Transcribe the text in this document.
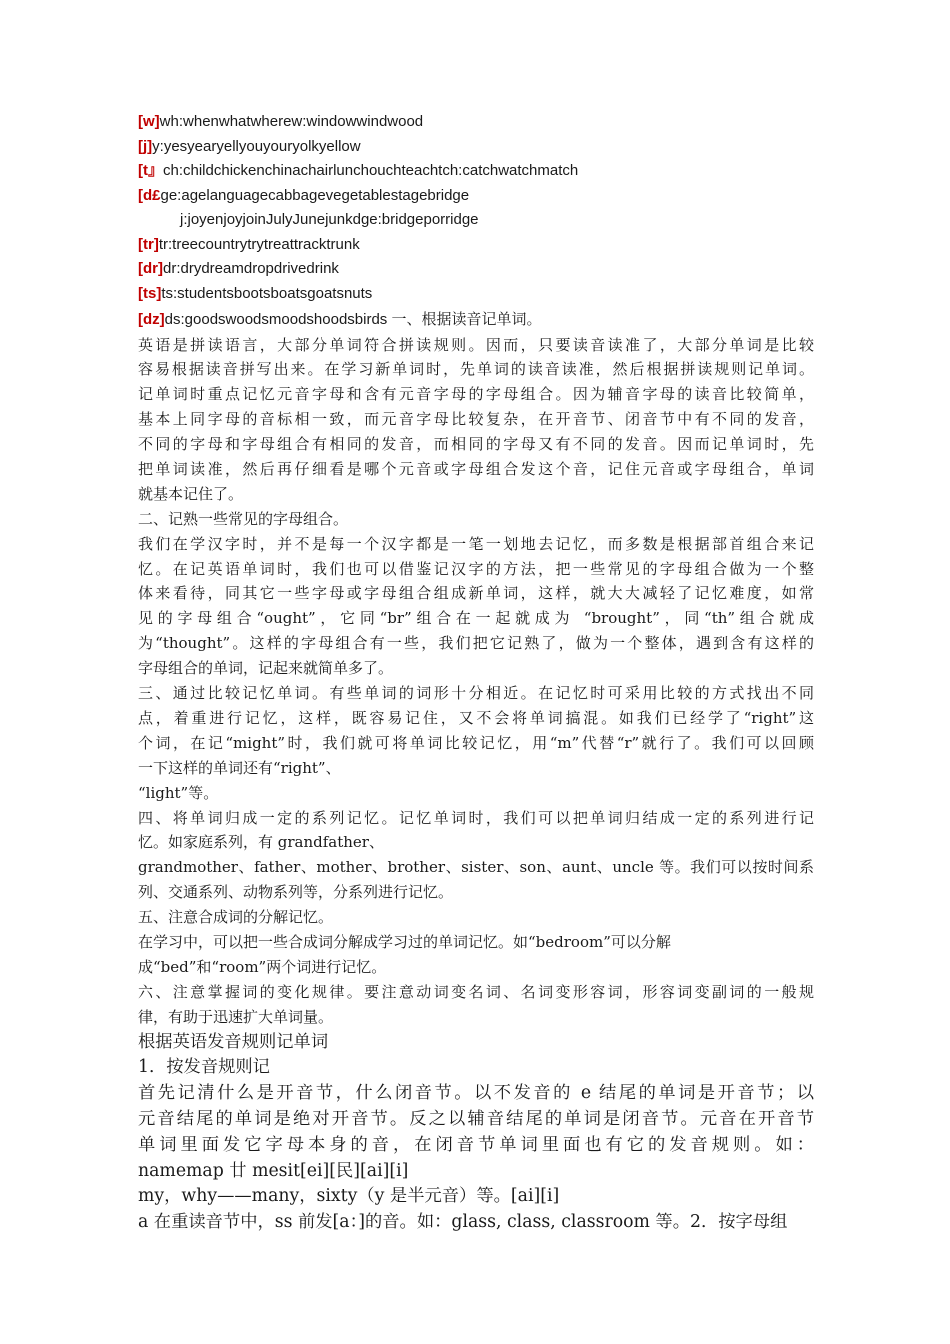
[w]wh:whenwhatwherew:windowwindwood
[j]y:yesyearyellyouyouryolkyellow
[t』ch:childchickenchinachairlunchouchteachtch:catchwatchmatch
[d£ge:agelanguagecabbagevegetablestagebridge
j:joyenjoyjoinJulyJunejunkdge:bridgeporridge
[tr]tr:treecountrytrytreattracktrunk
[dr]dr:drydreamdropdrivedrink
[ts]ts:studentsbootsboatsgoatsnuts
[dz]ds:goodswoodsmoodshoodsbirds 一、根据读音记单词。
英语是拼读语言，大部分单词符合拼读规则。因而，只要读音读准了，大部分单词是比较
容易根据读音拼写出来。在学习新单词时，先单词的读音读准，然后根据拼读规则记单词。
记单词时重点记忆元音字母和含有元音字母的字母组合。因为辅音字母的读音比较简单，
基本上同字母的音标相一致，而元音字母比较复杂，在开音节、闭音节中有不同的发音，
不同的字母和字母组合有相同的发音，而相同的字母又有不同的发音。因而记单词时，先
把单词读准，然后再仔细看是哪个元音或字母组合发这个音，记住元音或字母组合，单词
就基本记住了。
二、记熟一些常见的字母组合。
我们在学汉字时，并不是每一个汉字都是一笔一划地去记忆，而多数是根据部首组合来记
忆。在记英语单词时，我们也可以借鉴记汉字的方法，把一些常见的字母组合做为一个整
体来看待，同其它一些字母或字母组合组成新单词，这样，就大大减轻了记忆难度，如常
见的字母组合“ought”，它同“br”组合在一起就成为 “brought”，同“th”组合就成
为“thought”。这样的字母组合有一些，我们把它记熟了，做为一个整体，遇到含有这样的
字母组合的单词，记起来就简单多了。
三、通过比较记忆单词。有些单词的词形十分相近。在记忆时可采用比较的方式找出不同
点，着重进行记忆，这样，既容易记住，又不会将单词搞混。如我们已经学了“right”这
个词，在记“might”时，我们就可将单词比较记忆，用“m”代替“r”就行了。我们可以回顾
一下这样的单词还有“right”、
“light”等。
四、将单词归成一定的系列记忆。记忆单词时，我们可以把单词归结成一定的系列进行记
忆。如家庭系列，有 grandfather、
grandmother、father、mother、brother、sister、son、aunt、uncle 等。我们可以按时间系
列、交通系列、动物系列等，分系列进行记忆。
五、注意合成词的分解记忆。
在学习中，可以把一些合成词分解成学习过的单词记忆。如“bedroom”可以分解
成“bed”和“room”两个词进行记忆。
六、注意掌握词的变化规律。要注意动词变名词、名词变形容词，形容词变副词的一般规
律，有助于迅速扩大单词量。
根据英语发音规则记单词
1．按发音规则记
首先记清什么是开音节，什么闭音节。以不发音的 e 结尾的单词是开音节；以
元音结尾的单词是绝对开音节。反之以辅音结尾的单词是闭音节。元音在开音节
单词里面发它字母本身的音，在闭音节单词里面也有它的发音规则。如：
namemap 廿 mesit[ei][民][ai][i]
my，why——many，sixty（y 是半元音）等。[ai][i]
a 在重读音节中，ss 前发[a：]的音。如：glass, class, classroom 等。2．按字母组
